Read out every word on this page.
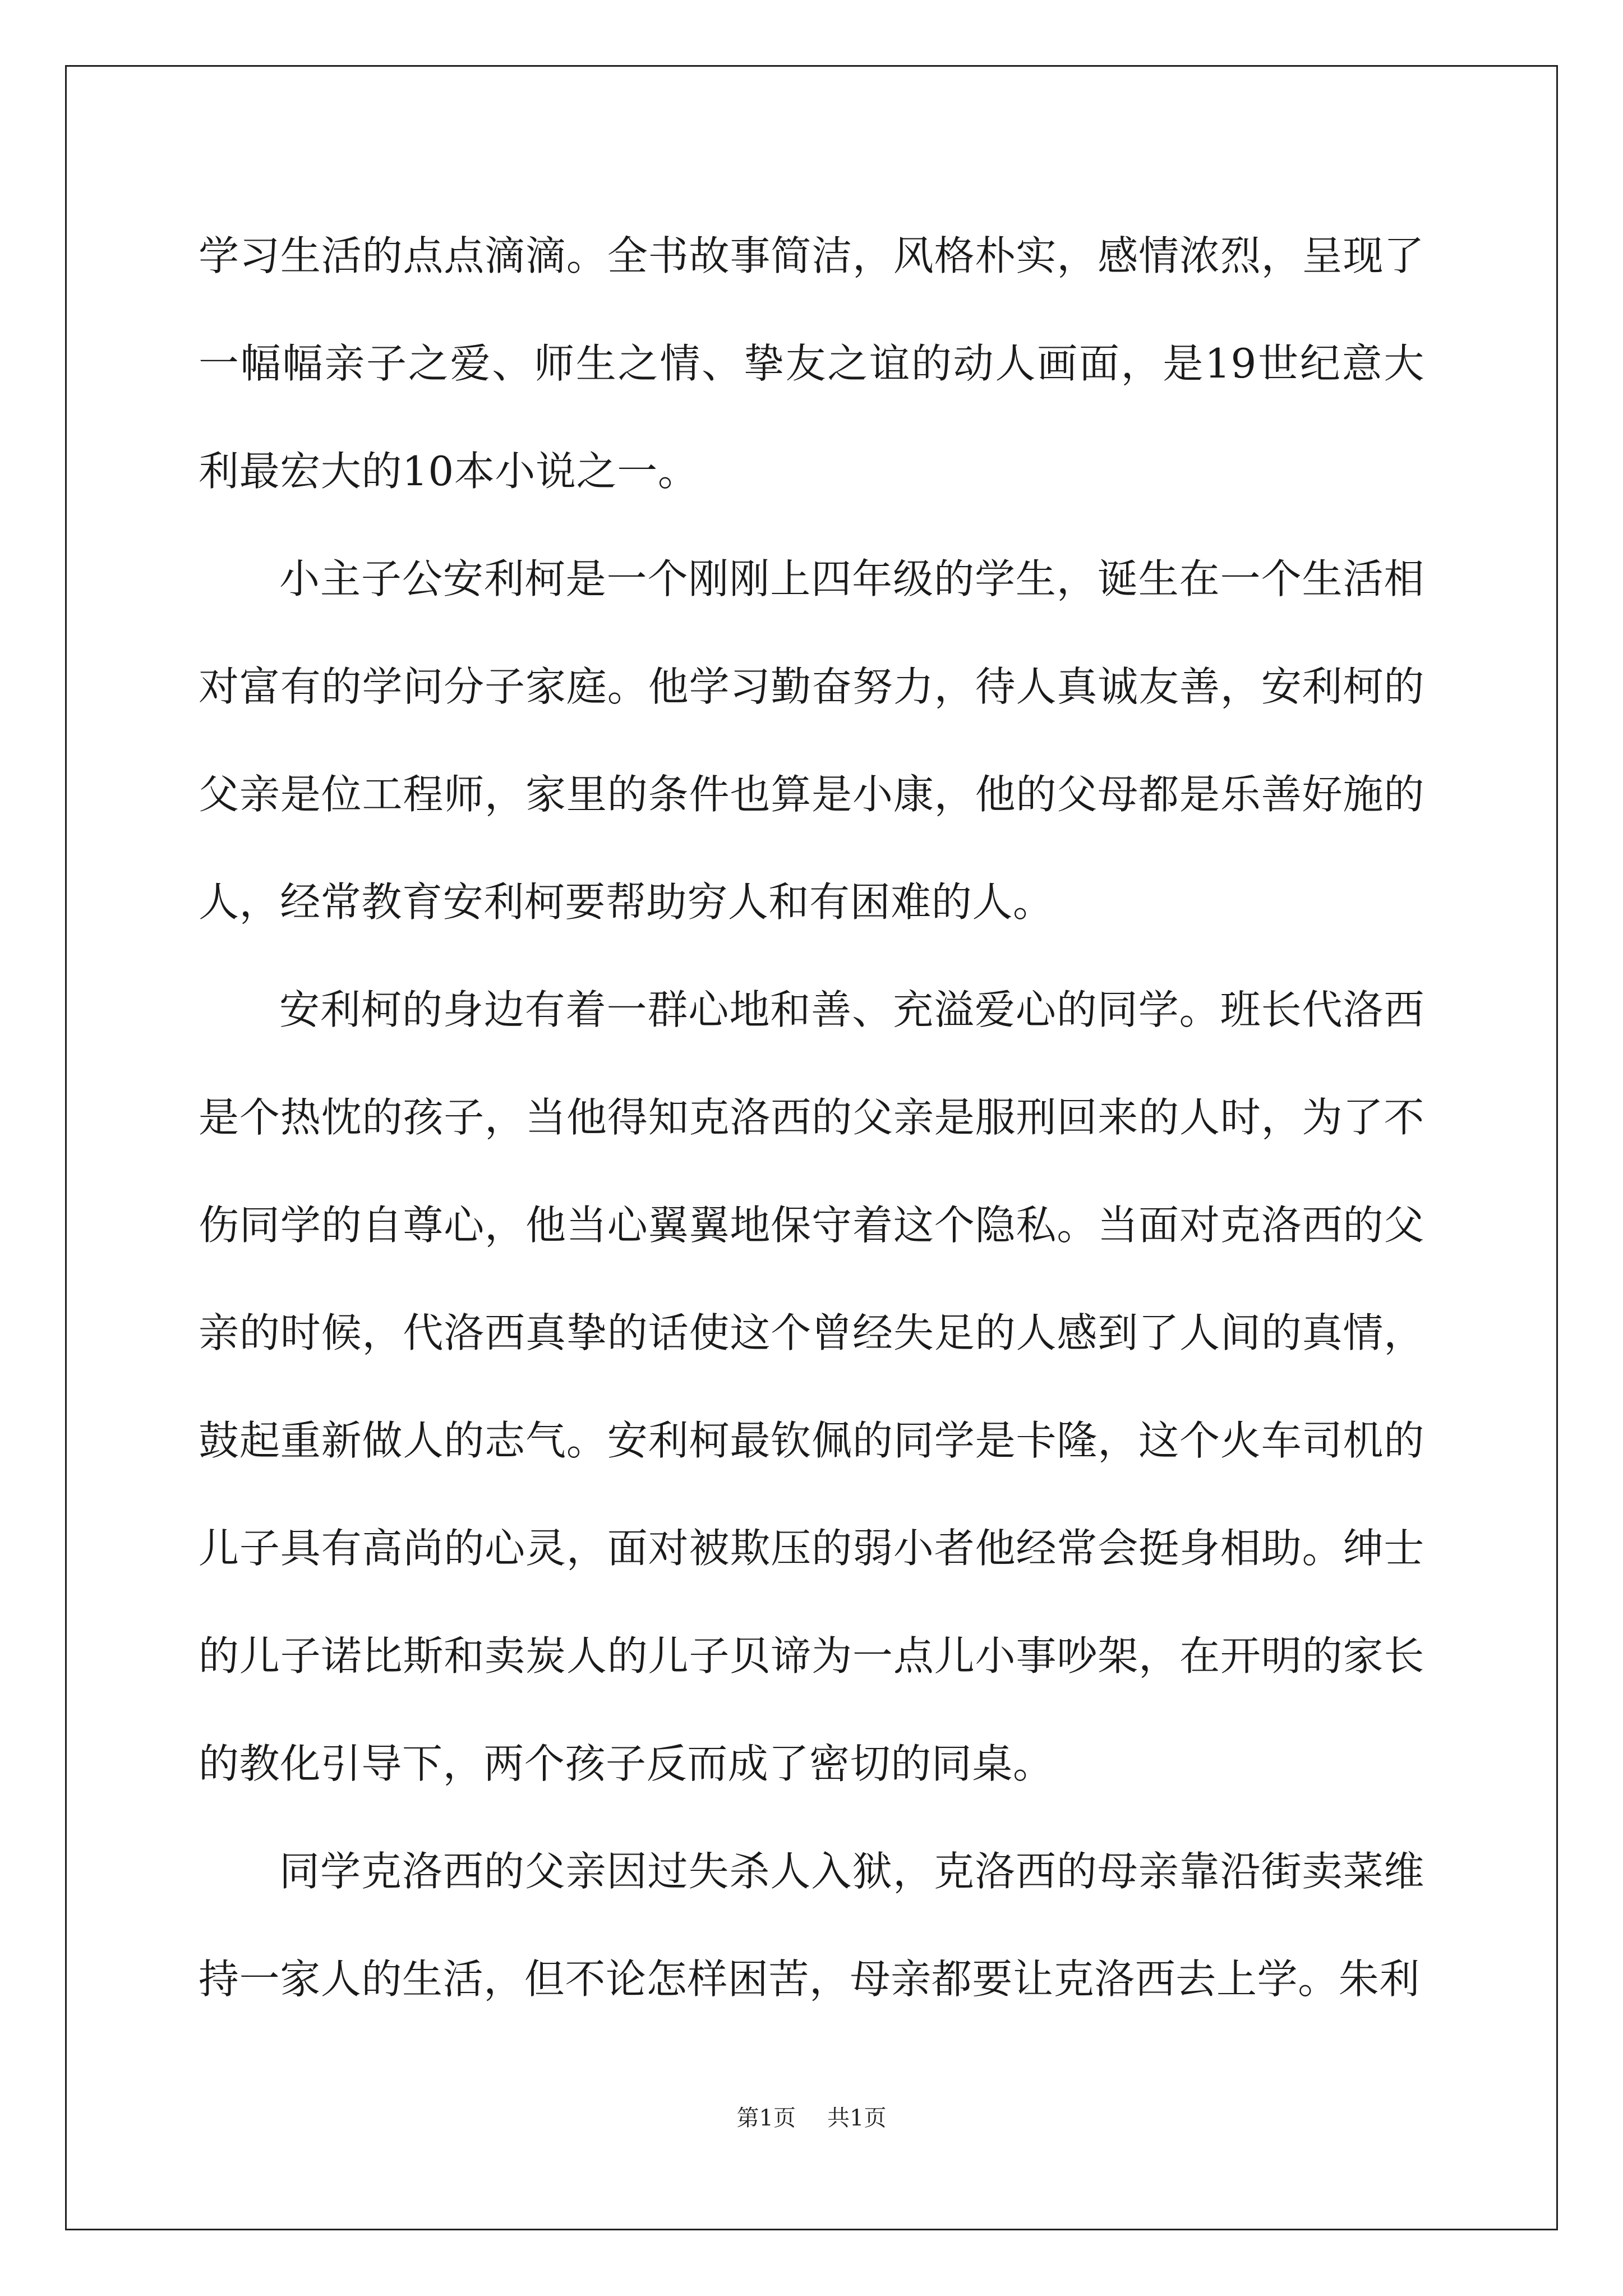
学习生活的点点滴滴。全书故事简洁，风格朴实，感情浓烈，呈现了一幅幅亲子之爱、师生之情、挚友之谊的动人画面，是19世纪意大利最宏大的10本小说之一。

小主子公安利柯是一个刚刚上四年级的学生，诞生在一个生活相对富有的学问分子家庭。他学习勤奋努力，待人真诚友善，安利柯的父亲是位工程师，家里的条件也算是小康，他的父母都是乐善好施的人，经常教育安利柯要帮助穷人和有困难的人。

安利柯的身边有着一群心地和善、充溢爱心的同学。班长代洛西是个热忱的孩子，当他得知克洛西的父亲是服刑回来的人时，为了不伤同学的自尊心，他当心翼翼地保守着这个隐私。当面对克洛西的父亲的时候，代洛西真挚的话使这个曾经失足的人感到了人间的真情，鼓起重新做人的志气。安利柯最钦佩的同学是卡隆，这个火车司机的儿子具有高尚的心灵，面对被欺压的弱小者他经常会挺身相助。绅士的儿子诺比斯和卖炭人的儿子贝谛为一点儿小事吵架，在开明的家长的教化引导下，两个孩子反而成了密切的同桌。

同学克洛西的父亲因过失杀人入狱，克洛西的母亲靠沿街卖菜维持一家人的生活，但不论怎样困苦，母亲都要让克洛西去上学。朱利

第1页 共1页
